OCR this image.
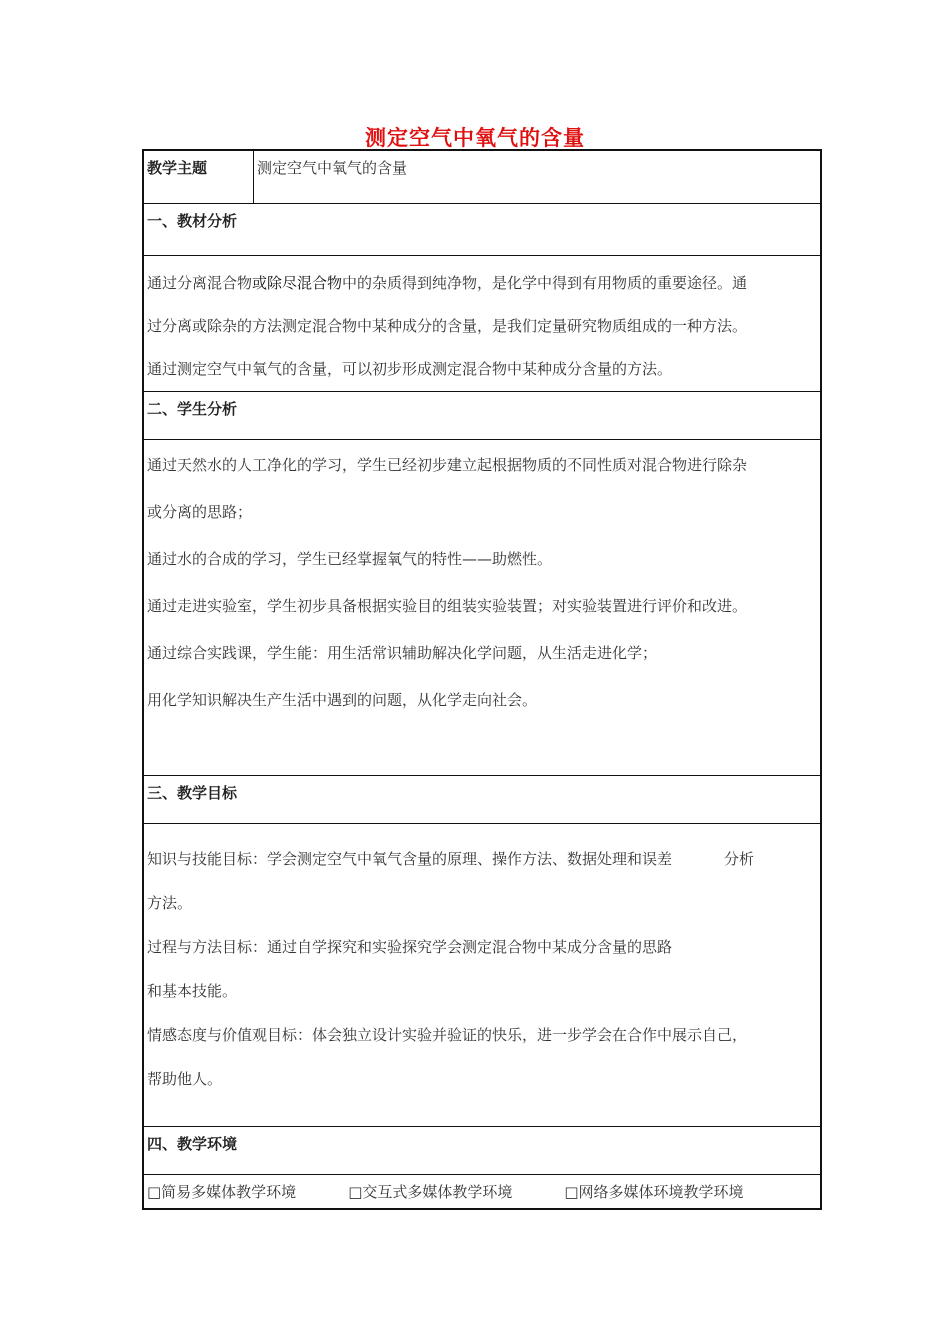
测定空气中氧气的含量
教学主题	测定空气中氧气的含量
一、教材分析

通过分离混合物或除尽混合物中的杂质得到纯净物，是化学中得到有用物质的重要途径。通

过分离或除杂的方法测定混合物中某种成分的含量，是我们定量研究物质组成的一种方法。

通过测定空气中氧气的含量，可以初步形成测定混合物中某种成分含量的方法。

二、学生分析

通过天然水的人工净化的学习，学生已经初步建立起根据物质的不同性质对混合物进行除杂

或分离的思路；

通过水的合成的学习，学生已经掌握氧气的特性——助燃性。

通过走进实验室，学生初步具备根据实验目的组装实验装置；对实验装置进行评价和改进。

通过综合实践课，学生能：用生活常识辅助解决化学问题，从生活走进化学；

用化学知识解决生产生活中遇到的问题，从化学走向社会。

三、教学目标

知识与技能目标：学会测定空气中氧气含量的原理、操作方法、数据处理和误差	分析

方法。

过程与方法目标：通过自学探究和实验探究学会测定混合物中某成分含量的思路

和基本技能。

情感态度与价值观目标：体会独立设计实验并验证的快乐，进一步学会在合作中展示自己，

帮助他人。

四、教学环境
□简易多媒体教学环境	□交互式多媒体教学环境	□网络多媒体环境教学环境
